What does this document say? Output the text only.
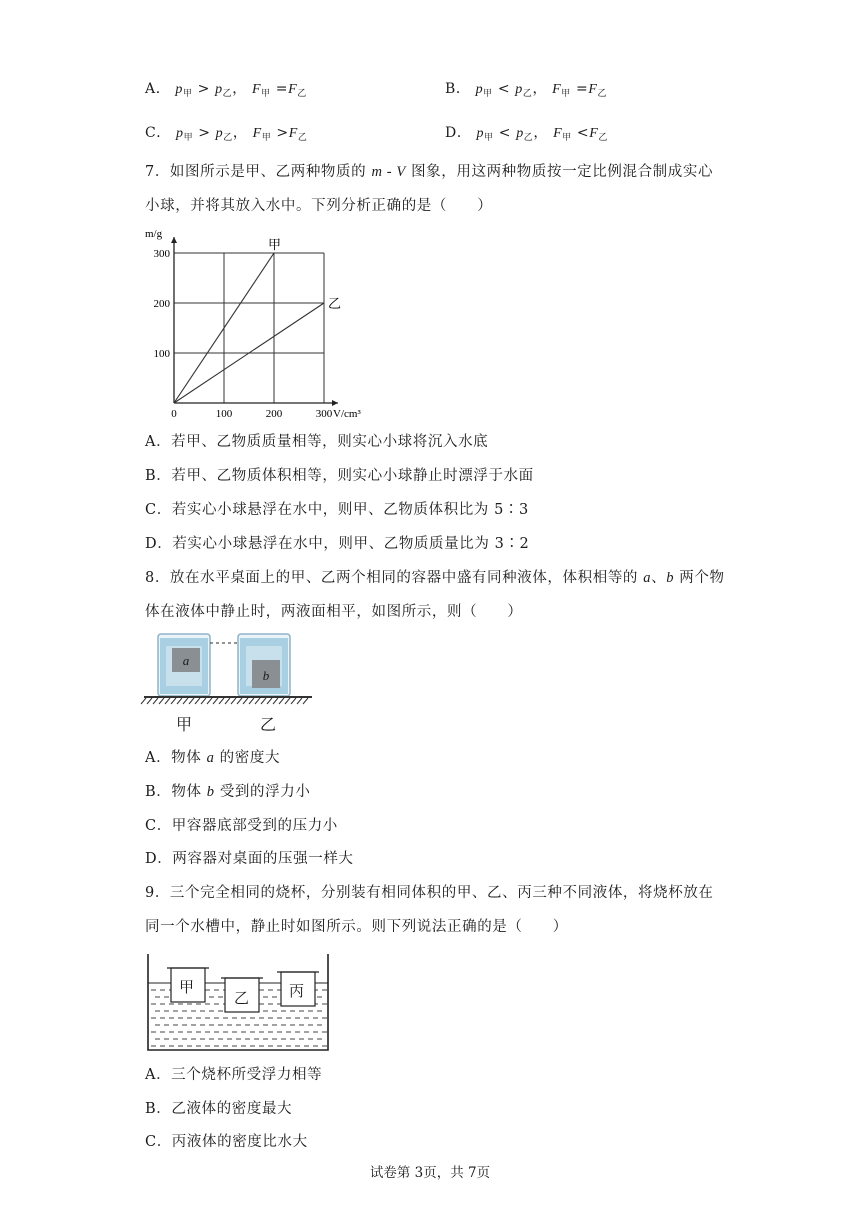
A． $p_甲 > p_乙$， $F_甲 =F_乙$	B． $p_甲 < p_乙$， $F_甲 =F_乙$
C． $p_甲 > p_乙$， $F_甲 >F_乙$	D． $p_甲 < p_乙$， $F_甲 <F_乙$
7．如图所示是甲、乙两种物质的 m - V 图象，用这两种物质按一定比例混合制成实心
小球，并将其放入水中。下列分析正确的是（　　）
0	100	200	300
100
200
300
甲
乙
m/g
V/cm³
A．若甲、乙物质质量相等，则实心小球将沉入水底
B．若甲、乙物质体积相等，则实心小球静止时漂浮于水面
C．若实心小球悬浮在水中，则甲、乙物质体积比为 5∶3
D．若实心小球悬浮在水中，则甲、乙物质质量比为 3∶2
8．放在水平桌面上的甲、乙两个相同的容器中盛有同种液体，体积相等的 a、b 两个物
体在液体中静止时，两液面相平，如图所示，则（　　）
a
b
甲	乙
A．物体 a 的密度大
B．物体 b 受到的浮力小
C．甲容器底部受到的压力小
D．两容器对桌面的压强一样大
9．三个完全相同的烧杯，分别装有相同体积的甲、乙、丙三种不同液体，将烧杯放在
同一个水槽中，静止时如图所示。则下列说法正确的是（　　）
甲
乙	丙
A．三个烧杯所受浮力相等
B．乙液体的密度最大
C．丙液体的密度比水大
试卷第 3页，共 7页
